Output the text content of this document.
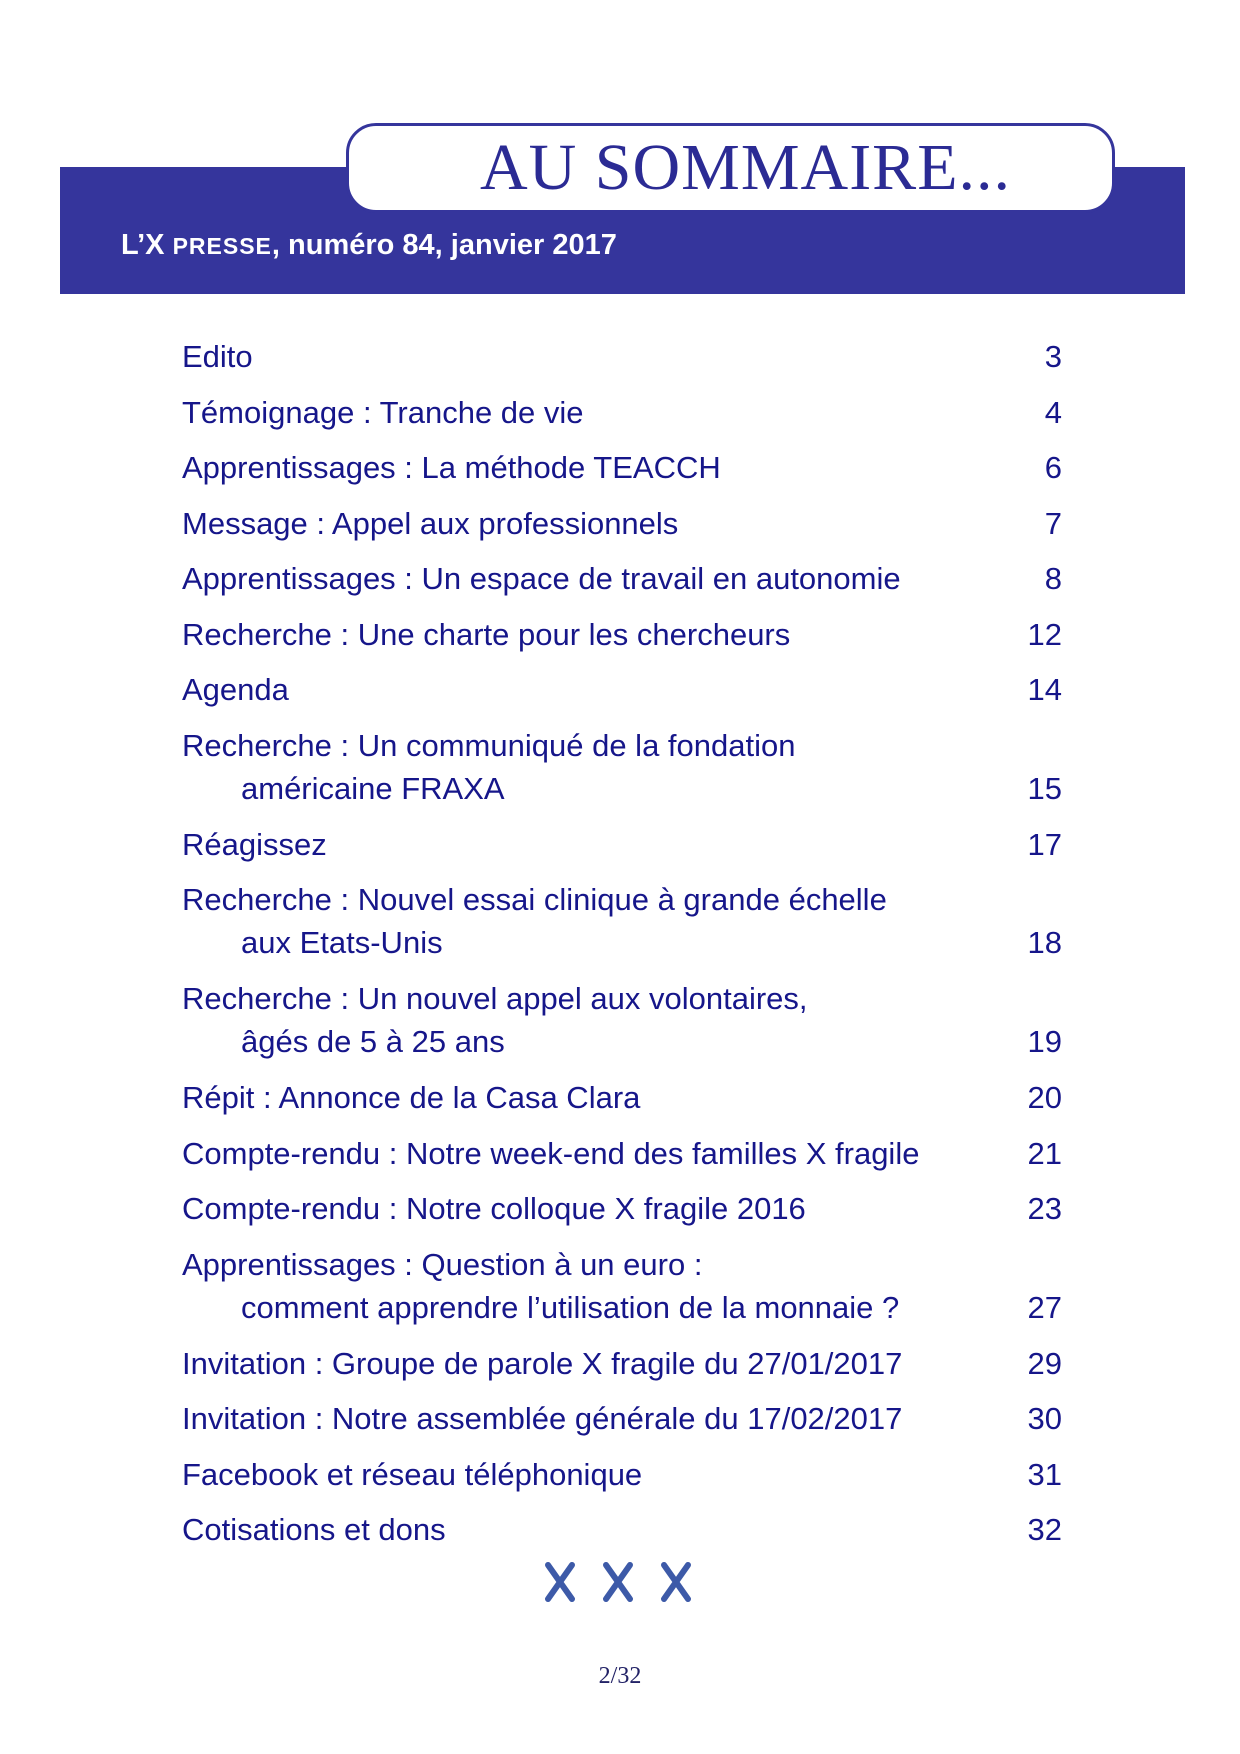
AU SOMMAIRE...
L’X PRESSE, numéro 84, janvier 2017
Edito	3
Témoignage : Tranche de vie	4
Apprentissages : La méthode TEACCH	6
Message : Appel aux professionnels	7
Apprentissages : Un espace de travail en autonomie	8
Recherche : Une charte pour les chercheurs	12
Agenda	14
Recherche : Un communiqué de la fondation
américaine FRAXA	15
Réagissez	17
Recherche : Nouvel essai clinique à grande échelle
aux Etats-Unis	18
Recherche : Un nouvel appel aux volontaires,
âgés de 5 à 25 ans	19
Répit : Annonce de la Casa Clara	20
Compte-rendu : Notre week-end des familles X fragile	21
Compte-rendu : Notre colloque X fragile 2016	23
Apprentissages : Question à un euro :
comment apprendre l’utilisation de la monnaie ?	27
Invitation : Groupe de parole X fragile du 27/01/2017	29
Invitation : Notre assemblée générale du 17/02/2017	30
Facebook et réseau téléphonique	31
Cotisations et dons	32
2/32
